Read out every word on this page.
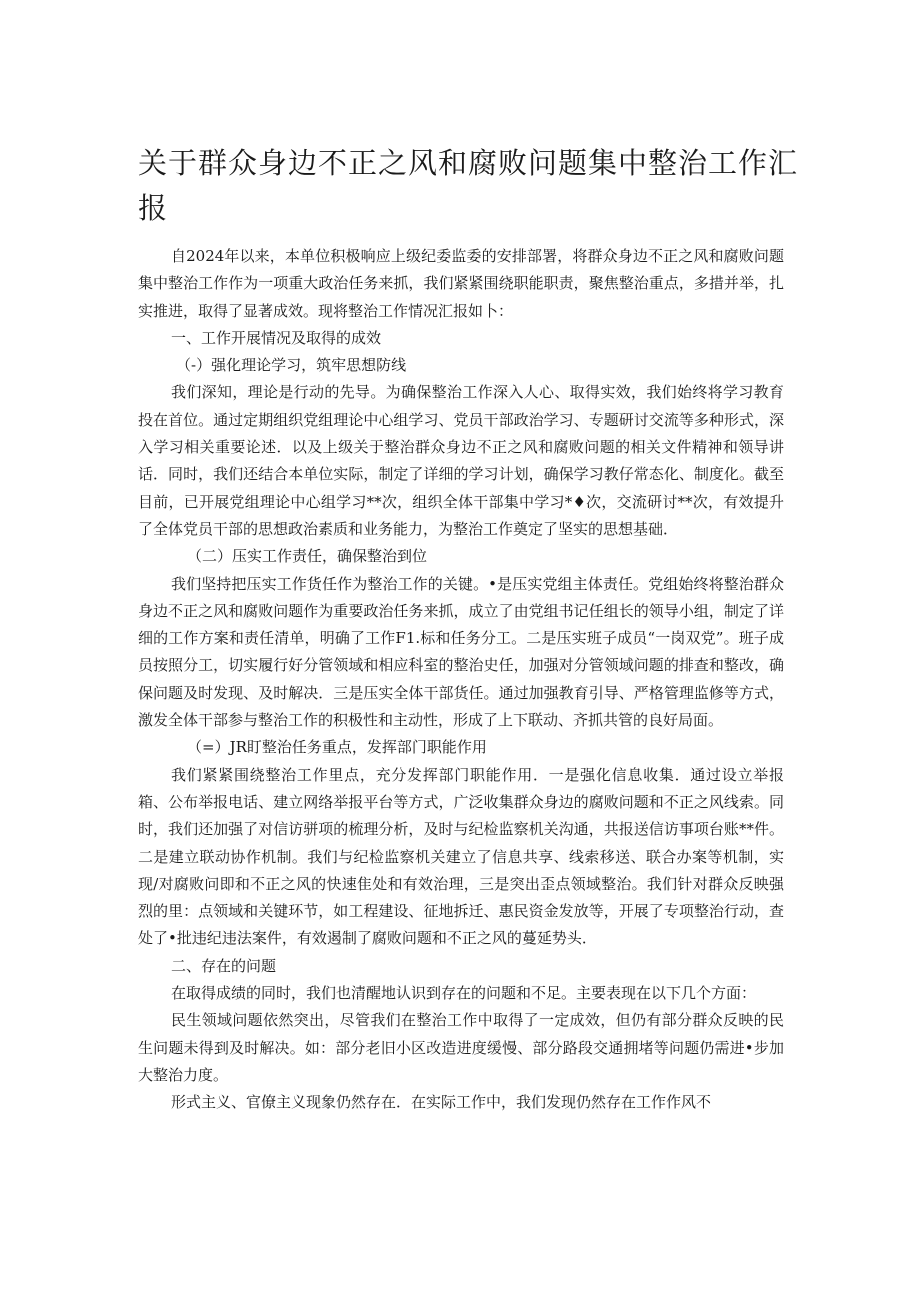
关于群众身边不正之风和腐败问题集中整治工作汇报

自2024年以来，本单位积极响应上级纪委监委的安排部署，将群众身边不正之风和腐败问题集中整治工作作为一项重大政治任务来抓，我们紧紧围绕职能职责，聚焦整治重点，多措并举，扎实推进，取得了显著成效。现将整治工作情况汇报如卜：

一、工作开展情况及取得的成效

（-）强化理论学习，筑牢思想防线

我们深知，理论是行动的先导。为确保整治工作深入人心、取得实效，我们始终将学习教育投在首位。通过定期组织党组理论中心组学习、党员干部政治学习、专题研讨交流等多种形式，深入学习相关重要论述．以及上级关于整治群众身边不正之风和腐败问题的相关文件精神和领导讲话．同时，我们还结合本单位实际，制定了详细的学习计划，确保学习教仔常态化、制度化。截至目前，已开展党组理论中心组学习**次，组织全体干部集中学习*♦次，交流研讨**次，有效提升了全体党员干部的思想政治素质和业务能力，为整治工作奠定了坚实的思想基础．

（二）压实工作责任，确保整治到位

我们坚持把压实工作货任作为整治工作的关键。•是压实党组主体责任。党组始终将整治群众身边不正之风和腐败问题作为重要政治任务来抓，成立了由党组书记任组长的领导小组，制定了详细的工作方案和责任清单，明确了工作F1.标和任务分工。二是压实班子成员“一岗双党”。班子成员按照分工，切实履行好分管领域和相应科室的整治史任，加强对分管领域问题的排查和整改，确保问题及时发现、及时解决．三是压实全体干部货任。通过加强教育引导、严格管理监修等方式，激发全体干部参与整治工作的积极性和主动性，形成了上下联动、齐抓共管的良好局面。

（=）JR盯整治任务重点，发挥部门职能作用

我们紧紧围绕整治工作里点，充分发挥部门职能作用．一是强化信息收集．通过设立举报箱、公布举报电话、建立网络举报平台等方式，广泛收集群众身边的腐败问题和不正之风线索。同时，我们还加强了对信访骈项的梳理分析，及时与纪检监察机关沟通，共报送信访事项台账**件。二是建立联动协作机制。我们与纪检监察机关建立了信息共享、线索移送、联合办案等机制，实现/对腐败问即和不正之风的快速隹处和有效治理，三是突出歪点领域整治。我们针对群众反映强烈的里：点领域和关键环节，如工程建设、征地拆迁、惠民资金发放等，开展了专项整治行动，查处了•批违纪违法案件，有效遏制了腐败问题和不正之风的蔓延势头．

二、存在的问题

在取得成绩的同时，我们也清醒地认识到存在的问题和不足。主要表现在以下几个方面：

民生领域问题依然突出，尽管我们在整治工作中取得了一定成效，但仍有部分群众反映的民生问题未得到及时解决。如：部分老旧小区改造进度缓慢、部分路段交通拥堵等问题仍需进•步加大整治力度。

形式主义、官僚主义现象仍然存在．在实际工作中，我们发现仍然存在工作作风不
